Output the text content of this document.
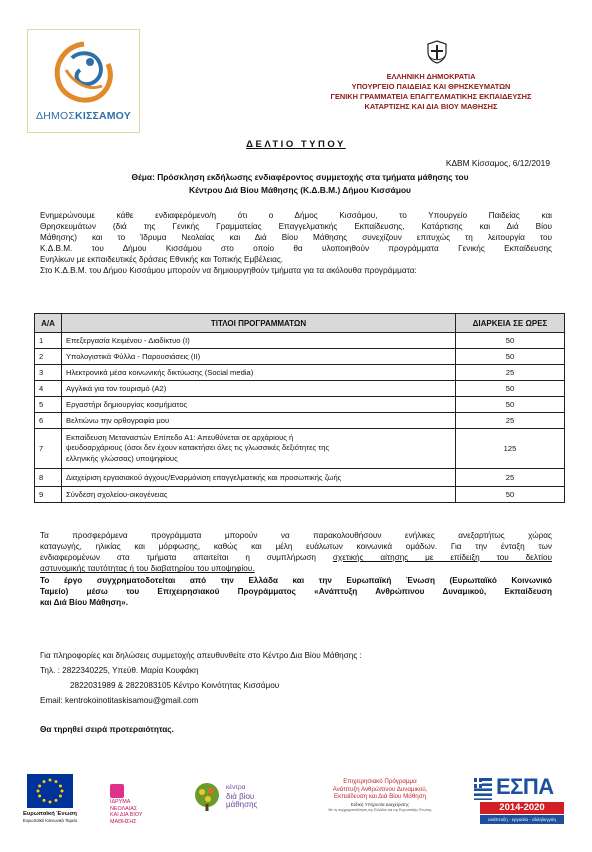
ΔΗΜΟΣΚΙΣΣΑΜΟΥ
ΕΛΛΗΝΙΚΗ ΔΗΜΟΚΡΑΤΙΑ
ΥΠΟΥΡΓΕΙΟ ΠΑΙΔΕΙΑΣ ΚΑΙ ΘΡΗΣΚΕΥΜΑΤΩΝ
ΓΕΝΙΚΗ ΓΡΑΜΜΑΤΕΙΑ ΕΠΑΓΓΕΛΜΑΤΙΚΗΣ ΕΚΠΑΙΔΕΥΣΗΣ
ΚΑΤΑΡΤΙΣΗΣ ΚΑΙ ΔΙΑ ΒΙΟΥ ΜΑΘΗΣΗΣ
ΔΕΛΤΙΟ ΤΥΠΟΥ
ΚΔΒΜ Κίσσαμος, 6/12/2019
Θέμα: Πρόσκληση εκδήλωσης ενδιαφέροντος συμμετοχής στα τμήματα μάθησης του
Κέντρου Διά Βίου Μάθησης (Κ.Δ.Β.Μ.) Δήμου Κισσάμου
Ενημερώνουμε κάθε ενδιαφερόμενο/η ότι ο Δήμος Κισσάμου, το Υπουργείο Παιδείας και
Θρησκευμάτων (διά της Γενικής Γραμματείας Επαγγελματικής Εκπαίδευσης, Κατάρτισης και Διά Βίου
Μάθησης) και το Ίδρυμα Νεολαίας και Διά Βίου Μάθησης συνεχίζουν επιτυχώς τη λειτουργία του
Κ.Δ.Β.Μ. του Δήμου Κισσάμου στο οποίο θα υλοποιηθούν προγράμματα Γενικής Εκπαίδευσης
Ενηλίκων με εκπαιδευτικές δράσεις Εθνικής και Τοπικής Εμβέλειας.
Στο Κ.Δ.Β.Μ. του Δήμου Κισσάμου μπορούν να δημιουργηθούν τμήματα για τα ακόλουθα προγράμματα:
Α/Α	ΤΙΤΛΟΙ ΠΡΟΓΡΑΜΜΑΤΩΝ	ΔΙΑΡΚΕΙΑ ΣΕ ΩΡΕΣ
1	Επεξεργασία Κειμένου - Διαδίκτυο (Ι)	50
2	Υπολογιστικά Φύλλα - Παρουσιάσεις (ΙΙ)	50
3	Ηλεκτρονικά μέσα κοινωνικής δικτύωσης (Social media)	25
4	Αγγλικά για τον τουρισμό (Α2)	50
5	Εργαστήρι δημιουργίας κοσμήματος	50
6	Βελτιώνω την ορθογραφία μου	25
7	Εκπαίδευση Μεταναστών Επίπεδο Α1: Απευθύνεται σε αρχάριους ή
ψευδοαρχάριους (όσοι δεν έχουν κατακτήσει όλες τις γλωσσικές δεξιότητες της
ελληνικής γλώσσας) υποψηφίους	125
8	Διαχείριση εργασιακού άγχους/Εναρμόνιση επαγγελματικής και προσωπικής ζωής	25
9	Σύνδεση σχολείου-οικογένειας	50
Τα προσφερόμενα προγράμματα μπορούν να παρακολουθήσουν ενήλικες ανεξαρτήτως χώρας
καταγωγής, ηλικίας και μόρφωσης, καθώς και μέλη ευάλωτων κοινωνικά ομάδων. Για την ένταξη των
ενδιαφερομένων στα τμήματα απαιτείται η συμπλήρωση σχετικής αίτησης με επίδειξη του δελτίου
αστυνομικής ταυτότητας ή του διαβατηρίου του υποψηφίου.
Το έργο συγχρηματοδοτείται από την Ελλάδα και την Ευρωπαϊκή Ένωση (Ευρωπαϊκό Κοινωνικό
Ταμείο) μέσω του Επιχειρησιακού Προγράμματος «Ανάπτυξη Ανθρώπινου Δυναμικού, Εκπαίδευση
και Διά Βίου Μάθηση».
Για πληροφορίες και δηλώσεις συμμετοχής απευθυνθείτε στο Κέντρο Δια Βίου Μάθησης :
Τηλ. : 2822340225, Υπεύθ. Μαρία Κουφάκη
2822031989 & 2822083105 Κέντρο Κοινότητας Κισσάμου
Email: kentrokoinotitaskisamou@gmail.com
Θα τηρηθεί σειρά προτεραιότητας.
Ευρωπαϊκή Ένωση
Ευρωπαϊκό Κοινωνικό Ταμείο
ΙΔΡΥΜΑ
ΝΕΟΛΑΙΑΣ
ΚΑΙ ΔΙΑ ΒΙΟΥ
ΜΑΘΗΣΗΣ
κέντρα
διά βίου
μάθησης
Επιχειρησιακό Πρόγραμμα
Ανάπτυξη Ανθρώπινου Δυναμικού,
Εκπαίδευση και Διά Βίου Μάθηση
Ειδική Υπηρεσία Διαχείρισης
Με τη συγχρηματοδότηση της Ελλάδας και της Ευρωπαϊκής Ένωσης
ΕΣΠΑ
2014-2020
ανάπτυξη - εργασία - αλληλεγγύη
